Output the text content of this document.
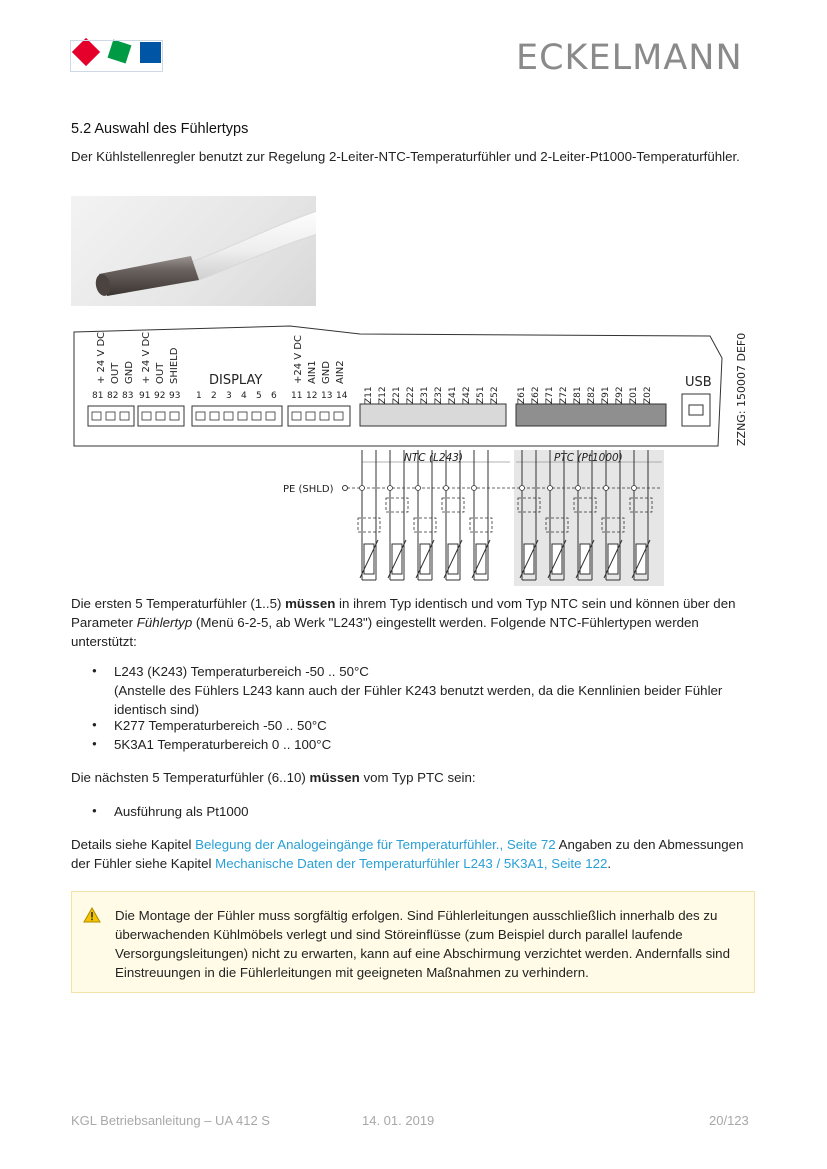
ECKELMANN
5.2 Auswahl des Fühlertyps
Der Kühlstellenregler benutzt zur Regelung 2-Leiter-NTC-Temperaturfühler und 2-Leiter-Pt1000-Temperaturfühler.
+ 24 V DC OUT GND + 24 V DC OUT SHIELD DISPLAY	+24 V DC AIN1 GND AIN2	USB ZZNG: 150007 DEF0
81 82 83 91 92 93 1 2 3 4 5 6 11 12 13 14 Z11 Z12 Z21 Z22 Z31 Z32 Z41 Z42 Z51 Z52 Z61 Z62 Z71 Z72 Z81 Z82 Z91 Z92 Z01 Z02
NTC (L243)	PTC (Pt1000)
PE (SHLD)
Die ersten 5 Temperaturfühler (1..5) müssen in ihrem Typ identisch und vom Typ NTC sein und können über den Parameter Fühlertyp (Menü 6-2-5, ab Werk "L243") eingestellt werden. Folgende NTC-Fühlertypen werden unterstützt:
● L243 (K243) Temperaturbereich -50 .. 50°C
(Anstelle des Fühlers L243 kann auch der Fühler K243 benutzt werden, da die Kennlinien beider Fühler identisch sind)
● K277 Temperaturbereich -50 .. 50°C
● 5K3A1 Temperaturbereich 0 .. 100°C
Die nächsten 5 Temperaturfühler (6..10) müssen vom Typ PTC sein:
● Ausführung als Pt1000
Details siehe Kapitel Belegung der Analogeingänge für Temperaturfühler., Seite 72 Angaben zu den Abmessungen der Fühler siehe Kapitel Mechanische Daten der Temperaturfühler L243 / 5K3A1, Seite 122.
Die Montage der Fühler muss sorgfältig erfolgen. Sind Fühlerleitungen ausschließlich innerhalb des zu überwachenden Kühlmöbels verlegt und sind Störeinflüsse (zum Beispiel durch parallel laufende Versorgungsleitungen) nicht zu erwarten, kann auf eine Abschirmung verzichtet werden. Andernfalls sind Einstreuungen in die Fühlerleitungen mit geeigneten Maßnahmen zu verhindern.
KGL Betriebsanleitung – UA 412 S	14. 01. 2019	20/123
